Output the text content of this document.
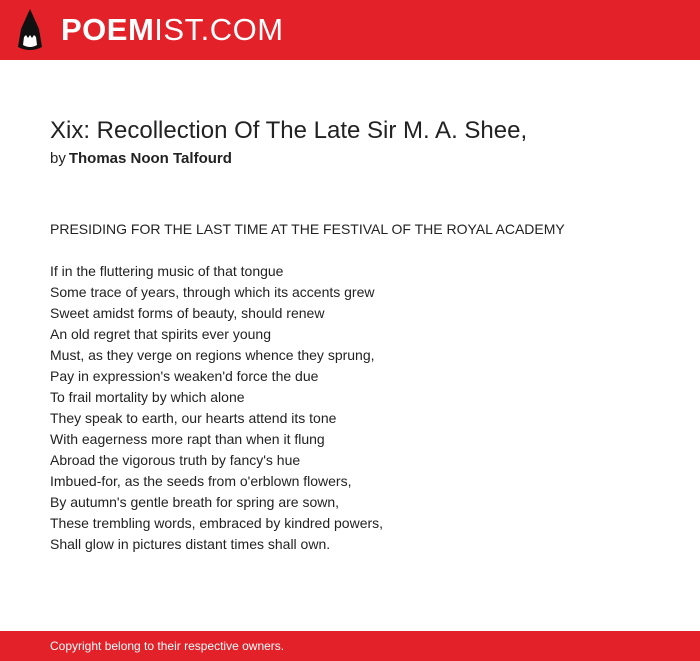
POEMIST.COM
Xix: Recollection Of The Late Sir M. A. Shee,
by Thomas Noon Talfourd
PRESIDING FOR THE LAST TIME AT THE FESTIVAL OF THE ROYAL ACADEMY
If in the fluttering music of that tongue
Some trace of years, through which its accents grew
Sweet amidst forms of beauty, should renew
An old regret that spirits ever young
Must, as they verge on regions whence they sprung,
Pay in expression's weaken'd force the due
To frail mortality by which alone
They speak to earth, our hearts attend its tone
With eagerness more rapt than when it flung
Abroad the vigorous truth by fancy's hue
Imbued-for, as the seeds from o'erblown flowers,
By autumn's gentle breath for spring are sown,
These trembling words, embraced by kindred powers,
Shall glow in pictures distant times shall own.
Copyright belong to their respective owners.
